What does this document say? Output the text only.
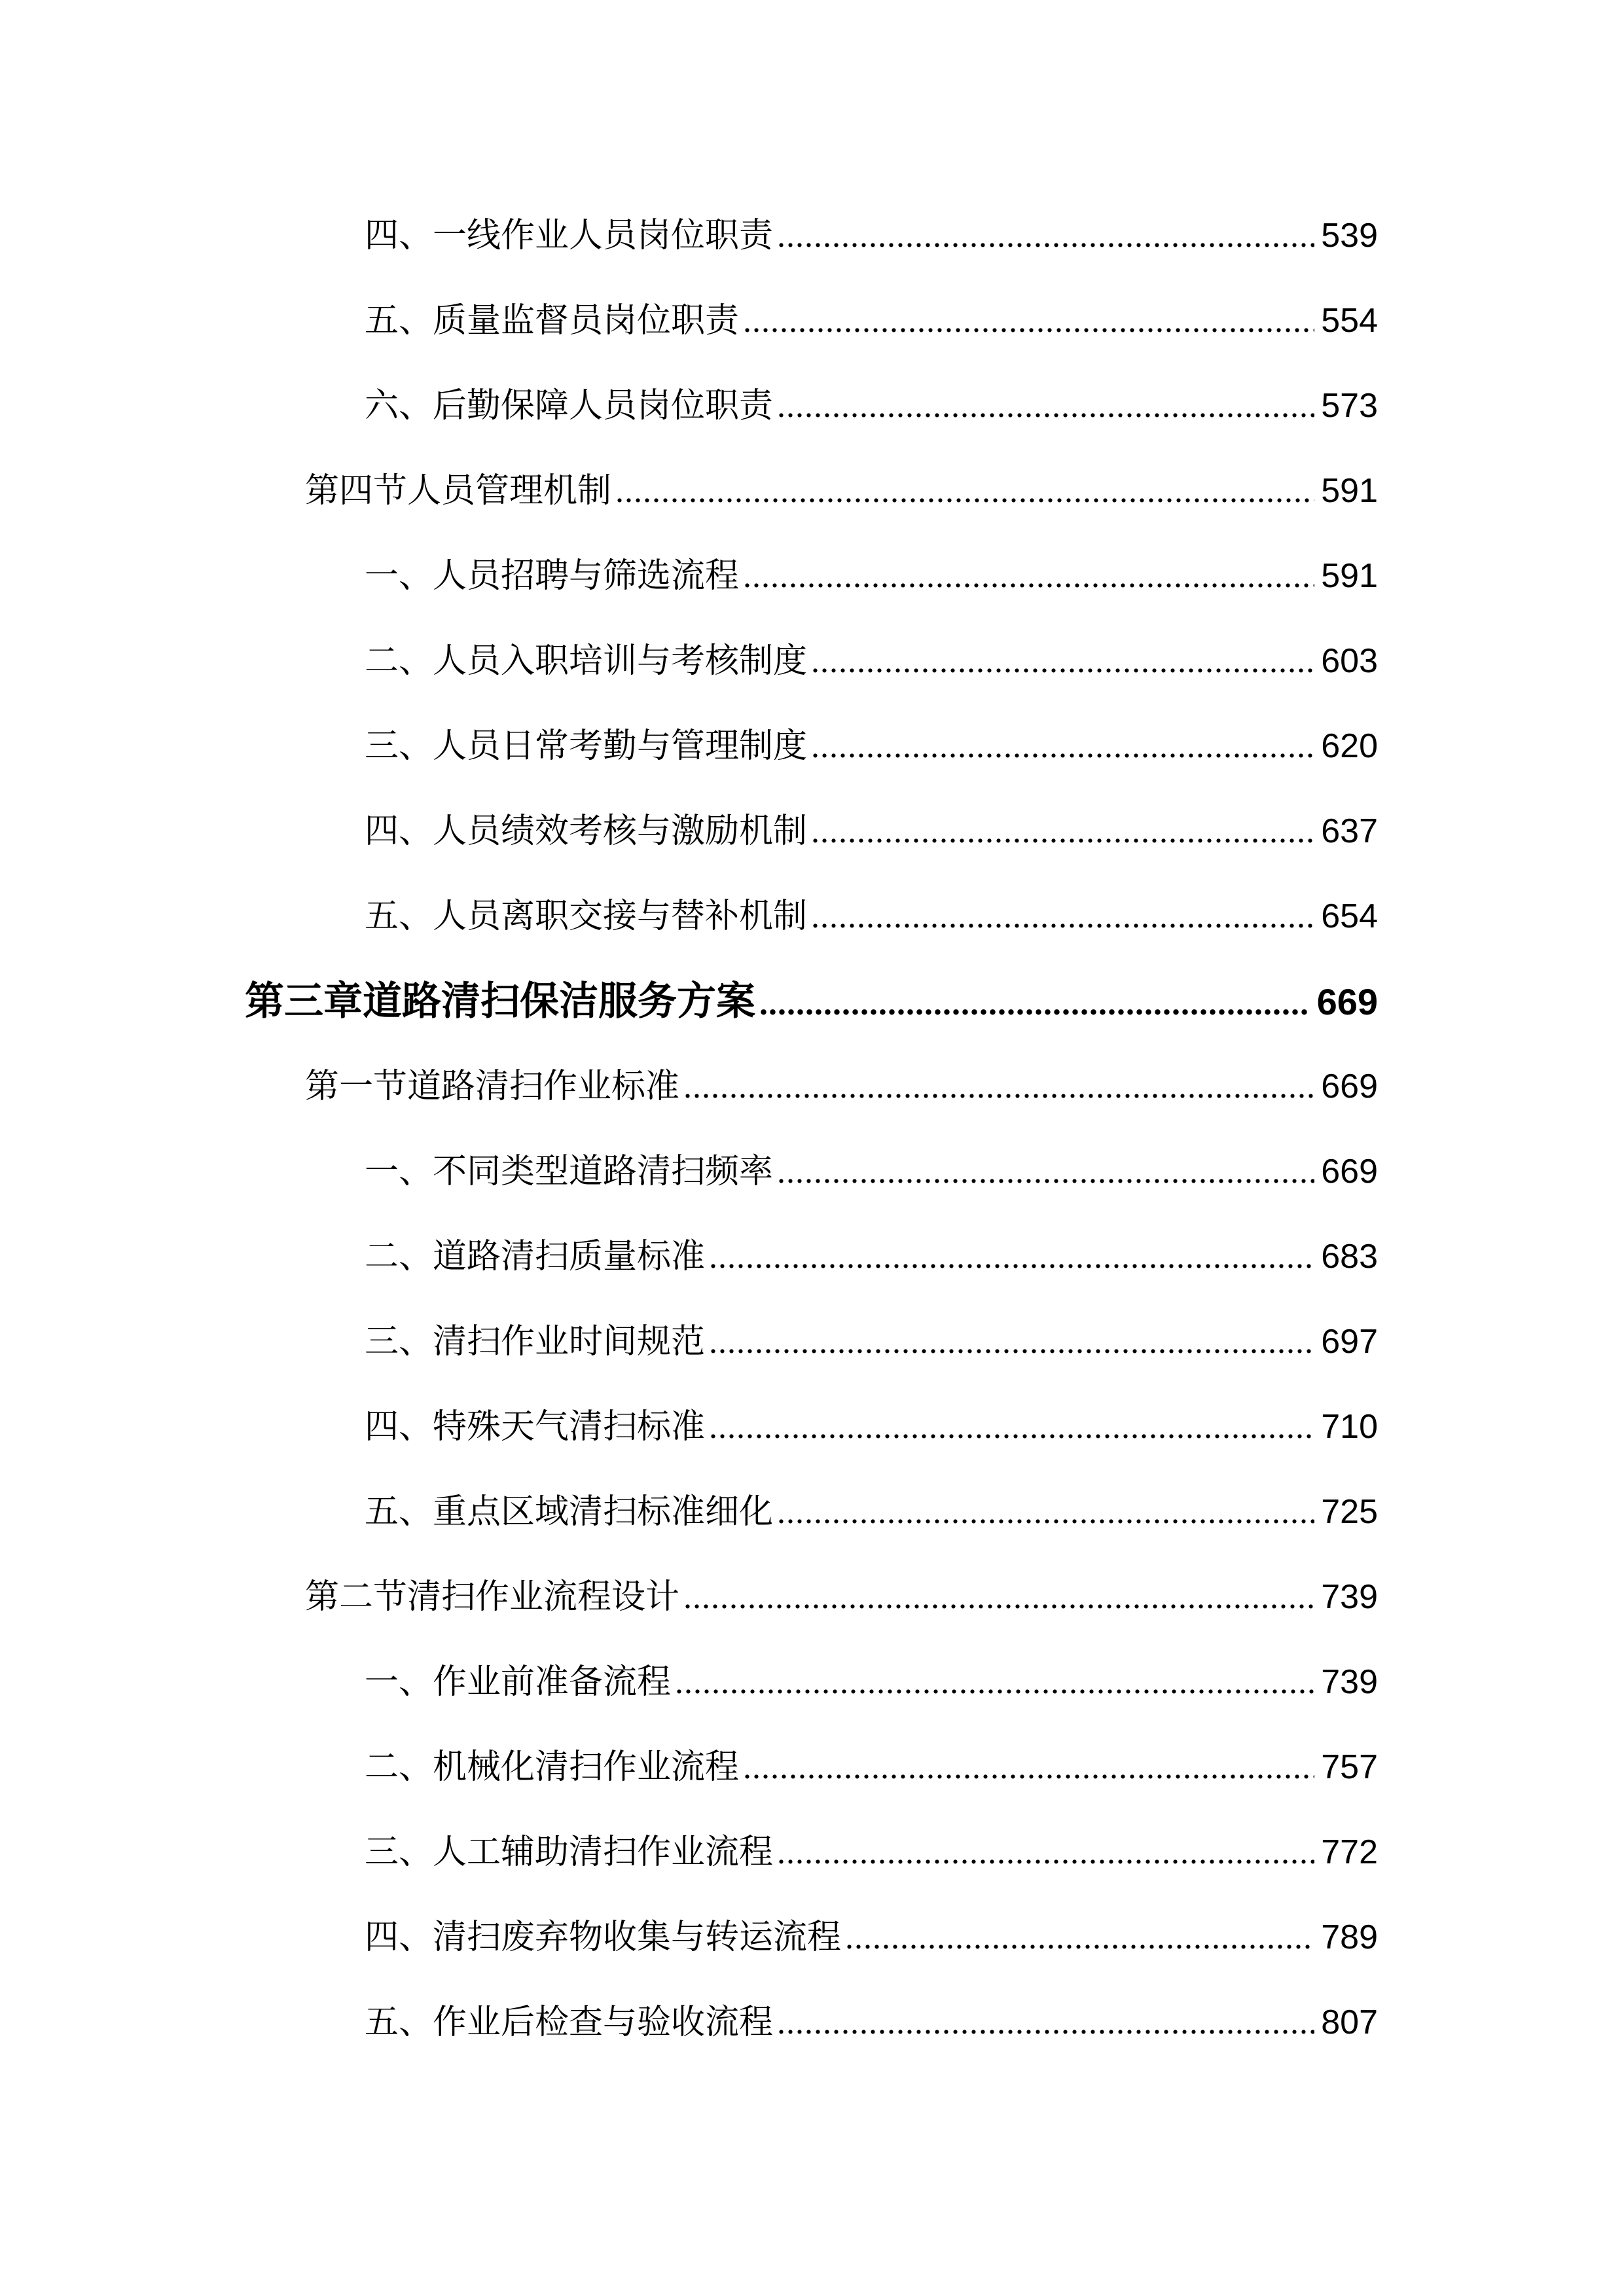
四、一线作业人员岗位职责 .....	539
五、质量监督员岗位职责 .....	554
六、后勤保障人员岗位职责 .....	573
第四节人员管理机制 .....	591
一、人员招聘与筛选流程 .....	591
二、人员入职培训与考核制度 .....	603
三、人员日常考勤与管理制度 .....	620
四、人员绩效考核与激励机制 .....	637
五、人员离职交接与替补机制 .....	654
第三章道路清扫保洁服务方案 .....	669
第一节道路清扫作业标准 .....	669
一、不同类型道路清扫频率 .....	669
二、道路清扫质量标准 .....	683
三、清扫作业时间规范 .....	697
四、特殊天气清扫标准 .....	710
五、重点区域清扫标准细化 .....	725
第二节清扫作业流程设计 .....	739
一、作业前准备流程 .....	739
二、机械化清扫作业流程 .....	757
三、人工辅助清扫作业流程 .....	772
四、清扫废弃物收集与转运流程 .....	789
五、作业后检查与验收流程 .....	807
